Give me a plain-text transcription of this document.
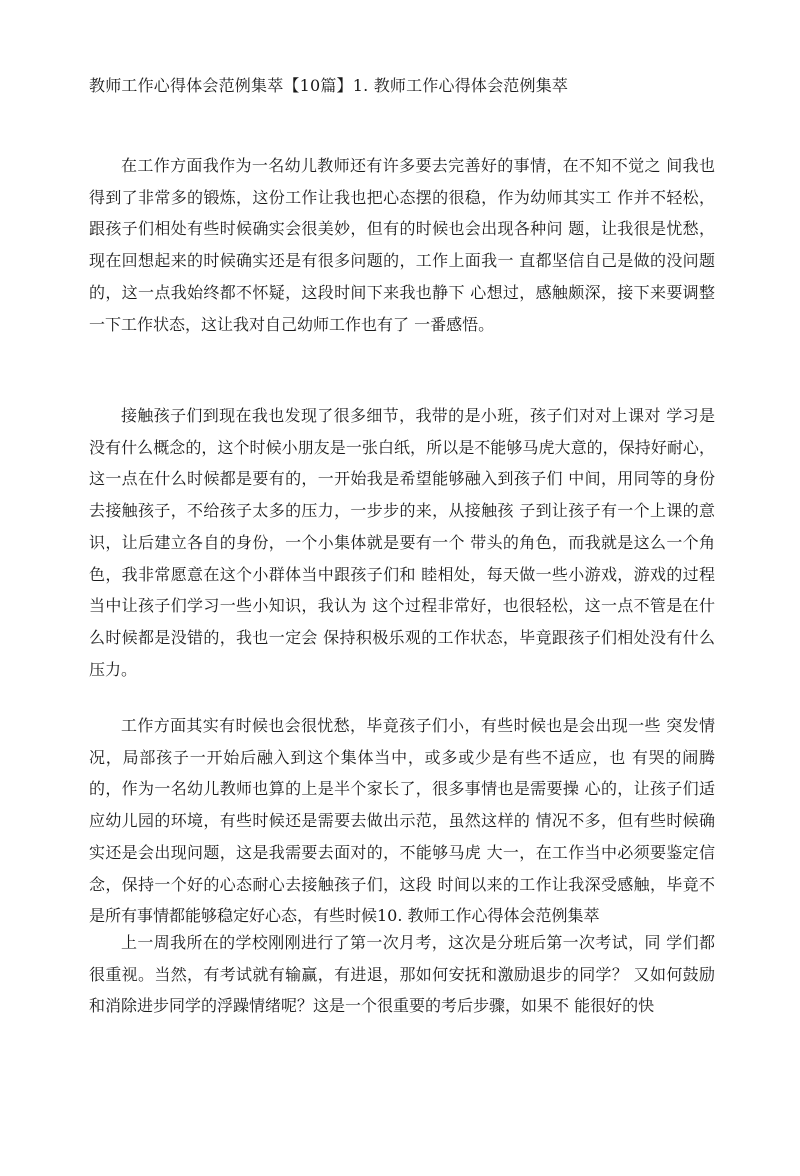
教师工作心得体会范例集萃【10篇】1. 教师工作心得体会范例集萃

在工作方面我作为一名幼儿教师还有许多要去完善好的事情，在不知不觉之 间我也得到了非常多的锻炼，这份工作让我也把心态摆的很稳，作为幼师其实工 作并不轻松，跟孩子们相处有些时候确实会很美妙，但有的时候也会出现各种问 题，让我很是忧愁，现在回想起来的时候确实还是有很多问题的，工作上面我一 直都坚信自己是做的没问题的，这一点我始终都不怀疑，这段时间下来我也静下 心想过，感触颇深，接下来要调整一下工作状态，这让我对自己幼师工作也有了 一番感悟。

接触孩子们到现在我也发现了很多细节，我带的是小班，孩子们对对上课对 学习是没有什么概念的，这个时候小朋友是一张白纸，所以是不能够马虎大意的，保持好耐心，这一点在什么时候都是要有的，一开始我是希望能够融入到孩子们 中间，用同等的身份去接触孩子，不给孩子太多的压力，一步步的来，从接触孩 子到让孩子有一个上课的意识，让后建立各自的身份，一个小集体就是要有一个 带头的角色，而我就是这么一个角色，我非常愿意在这个小群体当中跟孩子们和 睦相处，每天做一些小游戏，游戏的过程当中让孩子们学习一些小知识，我认为 这个过程非常好，也很轻松，这一点不管是在什么时候都是没错的，我也一定会 保持积极乐观的工作状态，毕竟跟孩子们相处没有什么压力。

工作方面其实有时候也会很忧愁，毕竟孩子们小，有些时候也是会出现一些 突发情况，局部孩子一开始后融入到这个集体当中，或多或少是有些不适应，也 有哭的闹腾的，作为一名幼儿教师也算的上是半个家长了，很多事情也是需要操 心的，让孩子们适应幼儿园的环境，有些时候还是需要去做出示范，虽然这样的 情况不多，但有些时候确实还是会出现问题，这是我需要去面对的，不能够马虎 大一，在工作当中必须要鉴定信念，保持一个好的心态耐心去接触孩子们，这段 时间以来的工作让我深受感触，毕竟不是所有事情都能够稳定好心态，有些时候10. 教师工作心得体会范例集萃

上一周我所在的学校刚刚进行了第一次月考，这次是分班后第一次考试，同 学们都很重视。当然，有考试就有输赢，有进退，那如何安抚和激励退步的同学？ 又如何鼓励和消除进步同学的浮躁情绪呢？这是一个很重要的考后步骤，如果不 能很好的快
